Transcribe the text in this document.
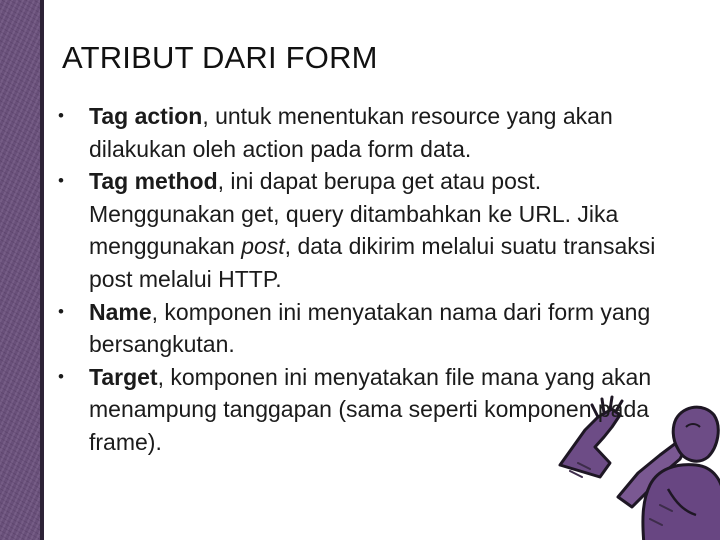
ATRIBUT DARI FORM
•	Tag action, untuk menentukan resource yang akan dilakukan oleh action pada form data.
•	Tag method, ini dapat berupa get atau post. Menggunakan get, query ditambahkan ke URL. Jika menggunakan post, data dikirim melalui suatu transaksi post melalui HTTP.
•	Name, komponen ini menyatakan nama dari form yang bersangkutan.
•	Target, komponen ini menyatakan file mana yang akan menampung tanggapan (sama seperti komponen pada frame).
